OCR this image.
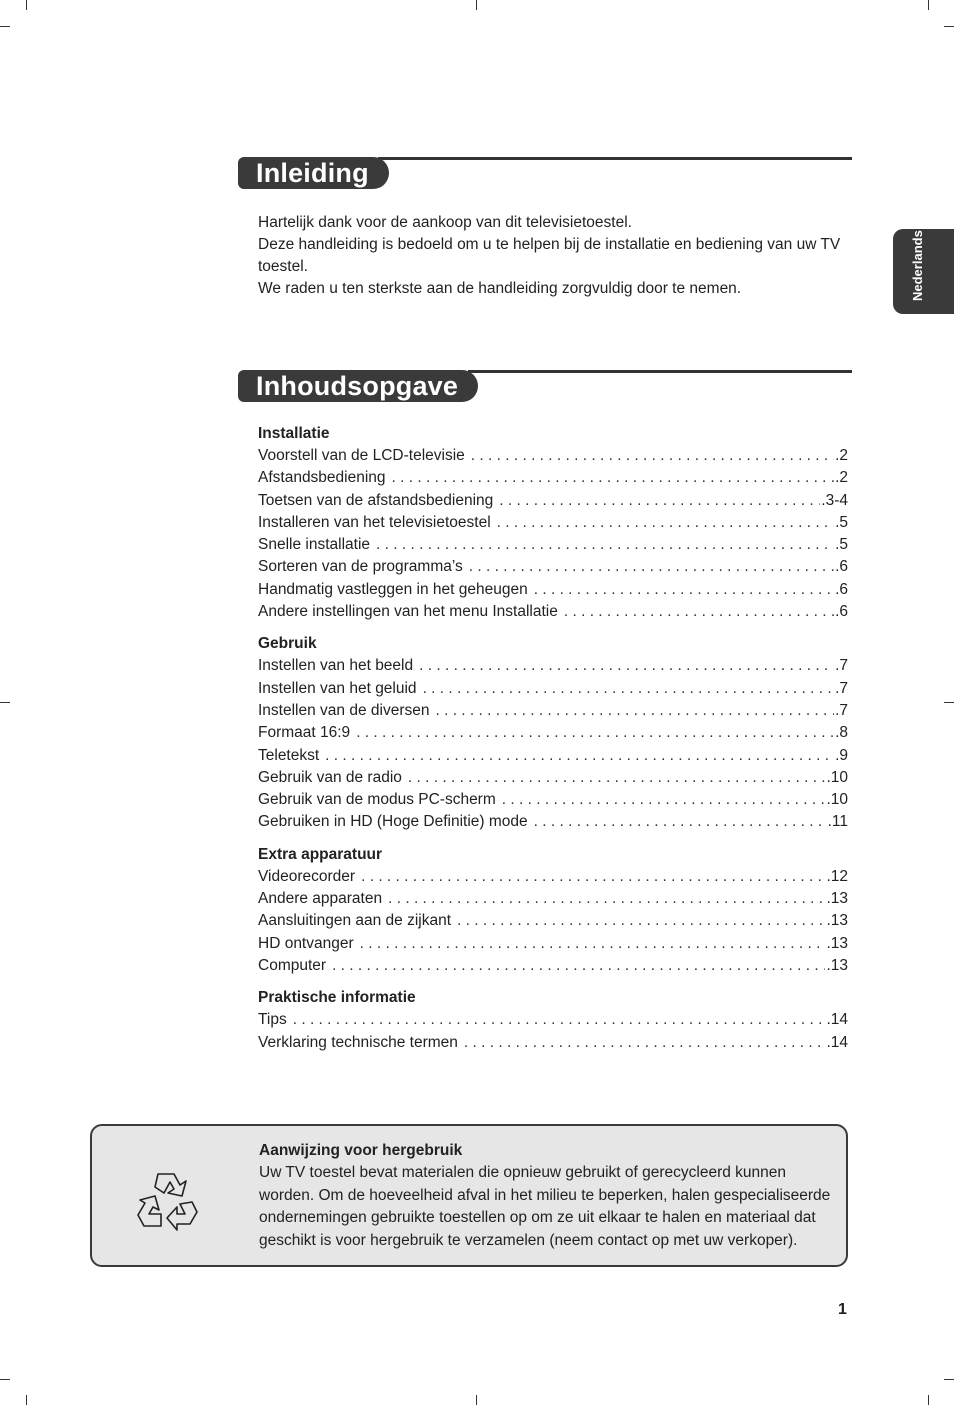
Inleiding

Hartelijk dank voor de aankoop van dit televisietoestel.

Deze handleiding is bedoeld om u te helpen bij de installatie en bediening van uw TV toestel.

We raden u ten sterkste aan de handleiding zorgvuldig door te nemen.	Nederlands
Inhoudsopgave
Installatie
Voorstell van de LCD-televisie . . .	.2
Afstandsbediening . . .	.2
Toetsen van de afstandsbediening . . .	.3-4
Installeren van het televisietoestel . . .	.5
Snelle installatie . . .	.5
Sorteren van de programma’s . . .	.6
Handmatig vastleggen in het geheugen . . .	.6
Andere instellingen van het menu Installatie . . .	.6
Gebruik
Instellen van het beeld . . .	.7
Instellen van het geluid . . .	.7
Instellen van de diversen . . .	.7
Formaat 16:9 . . .	.8
Teletekst . . .	.9
Gebruik van de radio . . .	.10
Gebruik van de modus PC-scherm . . .	.10
Gebruiken in HD (Hoge Definitie) mode . . .	.11
Extra apparatuur
Videorecorder . . .	.12
Andere apparaten . . .	.13
Aansluitingen aan de zijkant . . .	.13
HD ontvanger . . .	.13
Computer . . .	.13
Praktische informatie
Tips . . .	.14
Verklaring technische termen . . .	.14
Aanwijzing voor hergebruik

Uw TV toestel bevat materialen die opnieuw gebruikt of gerecycleerd kunnen worden. Om de hoeveelheid afval in het milieu te beperken, halen gespecialiseerde ondernemingen gebruikte toestellen op om ze uit elkaar te halen en materiaal dat geschikt is voor hergebruik te verzamelen (neem contact op met uw verkoper).

1
